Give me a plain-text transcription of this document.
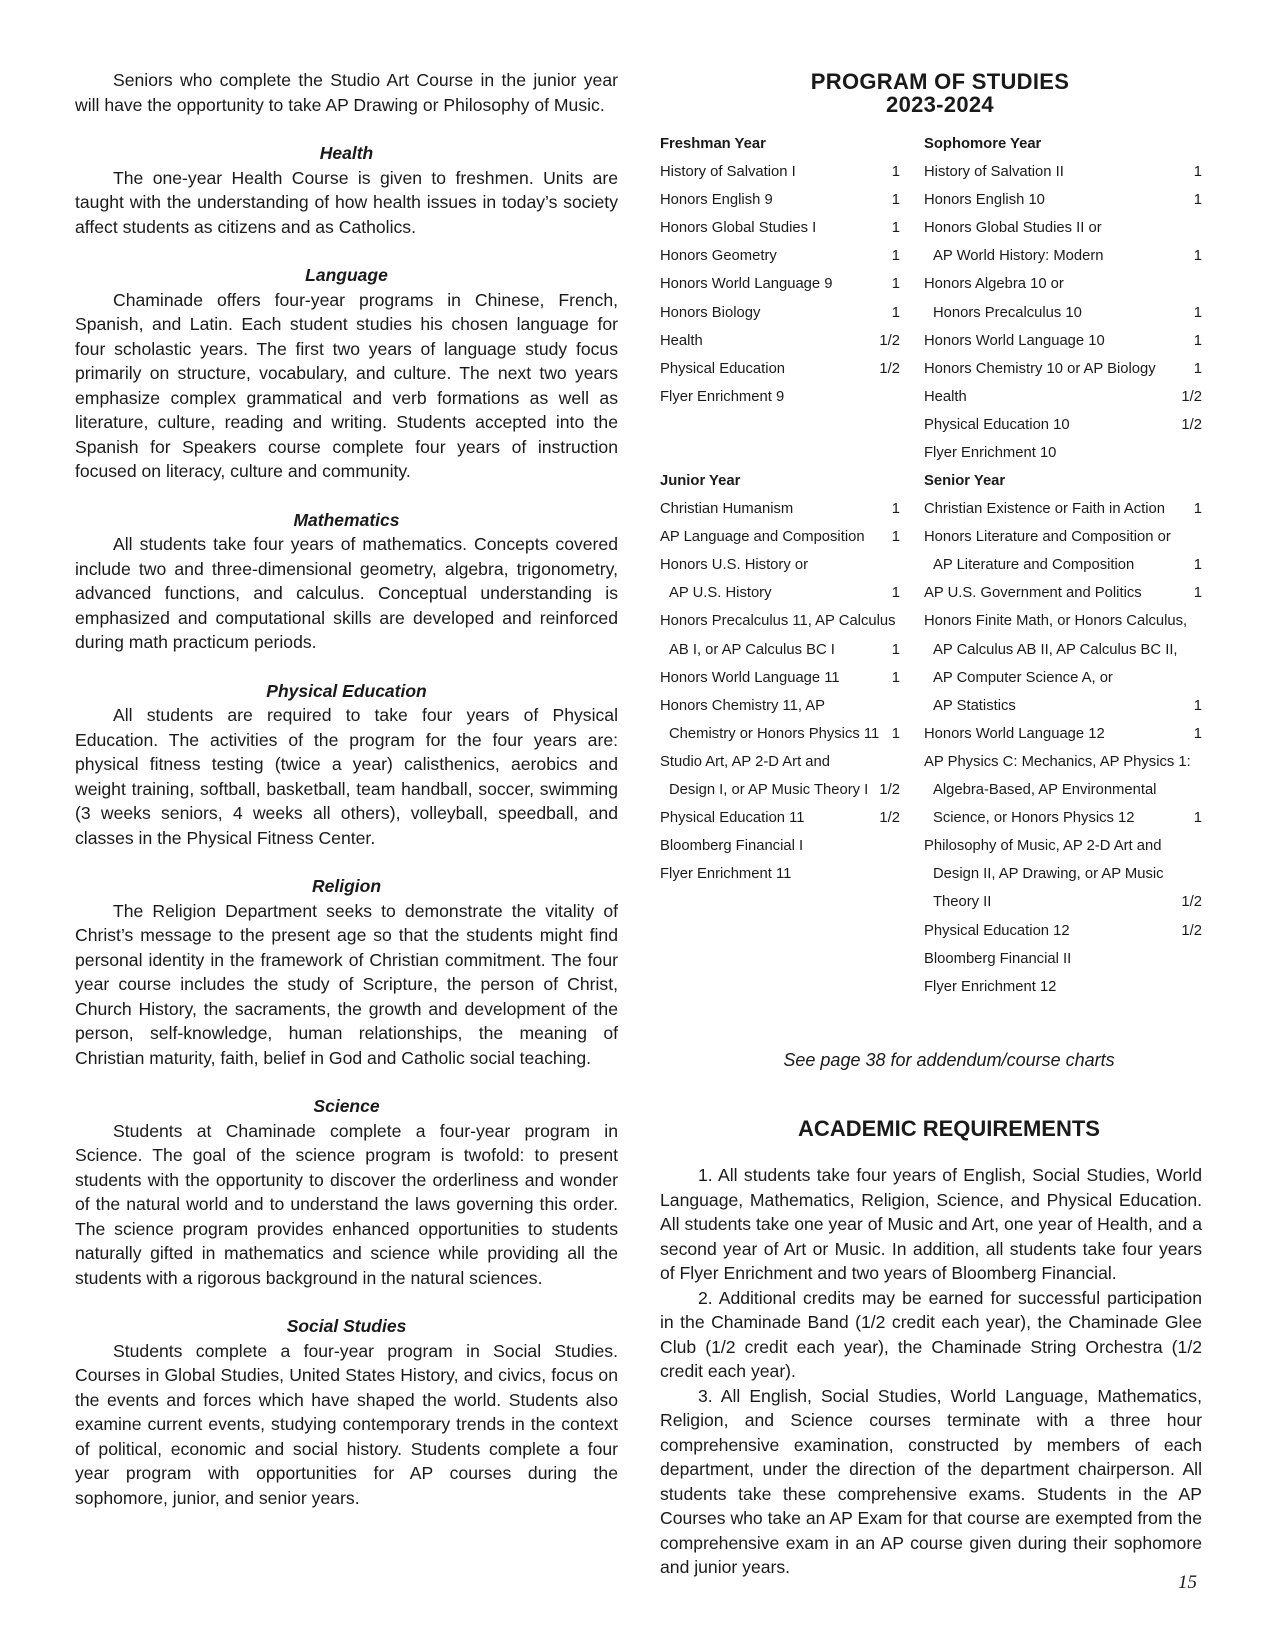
Seniors who complete the Studio Art Course in the junior year will have the opportunity to take AP Drawing or Philosophy of Music.

Health

The one-year Health Course is given to freshmen. Units are taught with the understanding of how health issues in today’s society affect students as citizens and as Catholics.

Language

Chaminade offers four-year programs in Chinese, French, Spanish, and Latin. Each student studies his chosen language for four scholastic years. The first two years of language study focus primarily on structure, vocabulary, and culture. The next two years emphasize complex grammatical and verb formations as well as literature, culture, reading and writing. Students accepted into the Spanish for Speakers course complete four years of instruction focused on literacy, culture and community.

Mathematics

All students take four years of mathematics. Concepts covered include two and three-dimensional geometry, algebra, trigonometry, advanced functions, and calculus. Conceptual understanding is emphasized and computational skills are developed and reinforced during math practicum periods.

Physical Education

All students are required to take four years of Physical Education. The activities of the program for the four years are: physical fitness testing (twice a year) calisthenics, aerobics and weight training, softball, basketball, team handball, soccer, swimming (3 weeks seniors, 4 weeks all others), volleyball, speedball, and classes in the Physical Fitness Center.

Religion

The Religion Department seeks to demonstrate the vitality of Christ’s message to the present age so that the students might find personal identity in the framework of Christian commitment. The four year course includes the study of Scripture, the person of Christ, Church History, the sacraments, the growth and development of the person, self-knowledge, human relationships, the meaning of Christian maturity, faith, belief in God and Catholic social teaching.

Science

Students at Chaminade complete a four-year program in Science. The goal of the science program is twofold: to present students with the opportunity to discover the orderliness and wonder of the natural world and to understand the laws governing this order. The science program provides enhanced opportunities to students naturally gifted in mathematics and science while providing all the students with a rigorous background in the natural sciences.

Social Studies

Students complete a four-year program in Social Studies. Courses in Global Studies, United States History, and civics, focus on the events and forces which have shaped the world. Students also examine current events, studying contemporary trends in the context of political, economic and social history. Students complete a four year program with opportunities for AP courses during the sophomore, junior, and senior years.

PROGRAM OF STUDIES
2023-2024
Freshman Year
History of Salvation I	1
Honors English 9	1
Honors Global Studies I	1
Honors Geometry	1
Honors World Language 9	1
Honors Biology	1
Health	1/2
Physical Education	1/2
Flyer Enrichment 9
Sophomore Year
History of Salvation II	1
Honors English 10	1
Honors Global Studies II or
AP World History: Modern	1
Honors Algebra 10 or
Honors Precalculus 10	1
Honors World Language 10	1
Honors Chemistry 10 or AP Biology	1
Health	1/2
Physical Education 10	1/2
Flyer Enrichment 10
Junior Year
Christian Humanism	1
AP Language and Composition 1
Honors U.S. History or
AP U.S. History	1
Honors Precalculus 11, AP Calculus
AB I, or AP Calculus BC I	1
Honors World Language 11	1
Honors Chemistry 11, AP
Chemistry or Honors Physics 11 1
Studio Art, AP 2-D Art and
Design I, or AP Music Theory I 1/2
Physical Education 11	1/2
Bloomberg Financial I
Flyer Enrichment 11
Senior Year
Christian Existence or Faith in Action 1
Honors Literature and Composition or
AP Literature and Composition	1
AP U.S. Government and Politics	1
Honors Finite Math, or Honors Calculus,
AP Calculus AB II, AP Calculus BC II,
AP Computer Science A, or
AP Statistics	1
Honors World Language 12	1
AP Physics C: Mechanics, AP Physics 1:
Algebra-Based, AP Environmental
Science, or Honors Physics 12	1
Philosophy of Music, AP 2-D Art and
Design II, AP Drawing, or AP Music
Theory II	1/2
Physical Education 12	1/2
Bloomberg Financial II
Flyer Enrichment 12
See page 38 for addendum/course charts
ACADEMIC REQUIREMENTS

1. All students take four years of English, Social Studies, World Language, Mathematics, Religion, Science, and Physical Education. All students take one year of Music and Art, one year of Health, and a second year of Art or Music. In addition, all students take four years of Flyer Enrichment and two years of Bloomberg Financial.

2. Additional credits may be earned for successful participation in the Chaminade Band (1/2 credit each year), the Chaminade Glee Club (1/2 credit each year), the Chaminade String Orchestra (1/2 credit each year).

3. All English, Social Studies, World Language, Mathematics, Religion, and Science courses terminate with a three hour comprehensive examination, constructed by members of each department, under the direction of the department chairperson. All students take these comprehensive exams. Students in the AP Courses who take an AP Exam for that course are exempted from the comprehensive exam in an AP course given during their sophomore and junior years.

15
